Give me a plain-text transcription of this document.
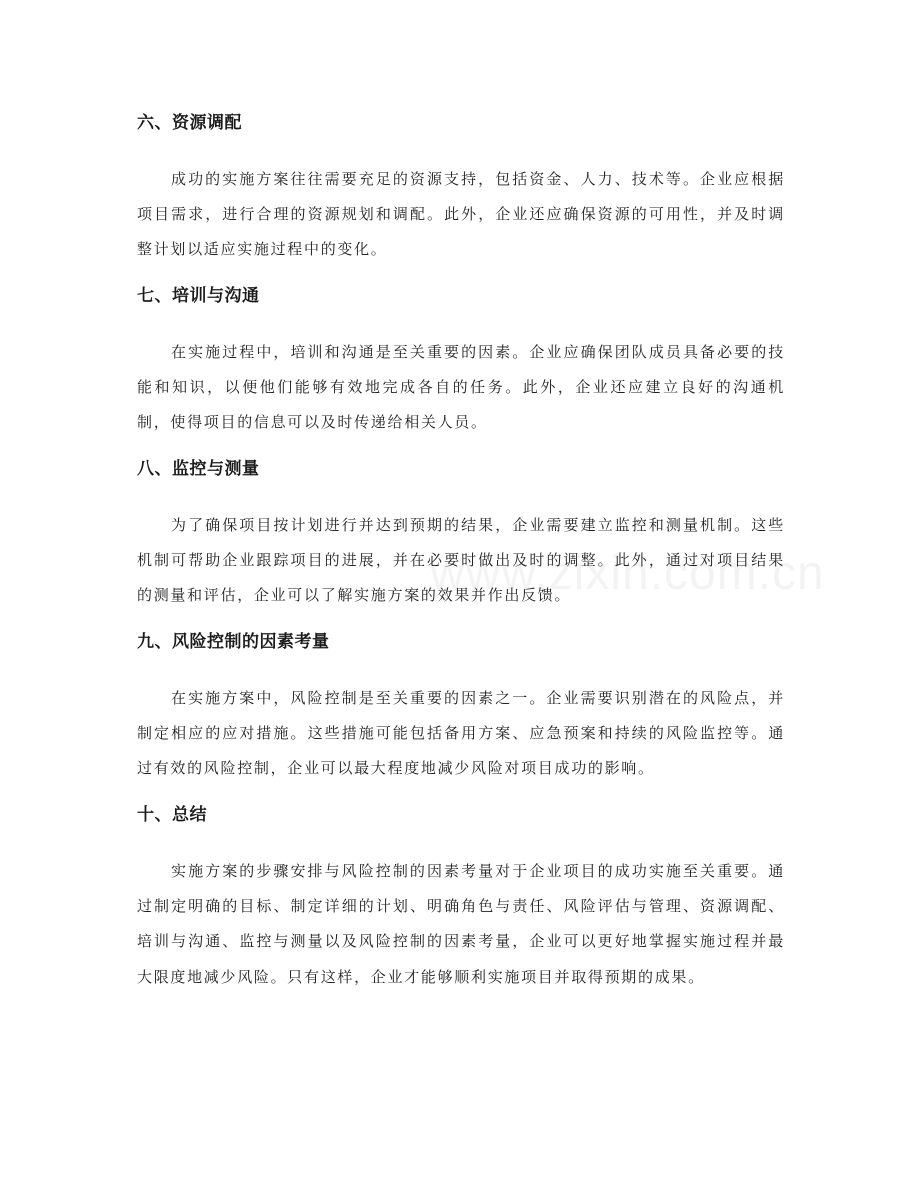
六、资源调配

成功的实施方案往往需要充足的资源支持，包括资金、人力、技术等。企业应根据项目需求，进行合理的资源规划和调配。此外，企业还应确保资源的可用性，并及时调整计划以适应实施过程中的变化。

七、培训与沟通

在实施过程中，培训和沟通是至关重要的因素。企业应确保团队成员具备必要的技能和知识，以便他们能够有效地完成各自的任务。此外，企业还应建立良好的沟通机制，使得项目的信息可以及时传递给相关人员。

八、监控与测量

为了确保项目按计划进行并达到预期的结果，企业需要建立监控和测量机制。这些机制可帮助企业跟踪项目的进展，并在必要时做出及时的调整。此外，通过对项目结果的测量和评估，企业可以了解实施方案的效果并作出反馈。

九、风险控制的因素考量

在实施方案中，风险控制是至关重要的因素之一。企业需要识别潜在的风险点，并制定相应的应对措施。这些措施可能包括备用方案、应急预案和持续的风险监控等。通过有效的风险控制，企业可以最大程度地减少风险对项目成功的影响。

十、总结

实施方案的步骤安排与风险控制的因素考量对于企业项目的成功实施至关重要。通过制定明确的目标、制定详细的计划、明确角色与责任、风险评估与管理、资源调配、培训与沟通、监控与测量以及风险控制的因素考量，企业可以更好地掌握实施过程并最大限度地减少风险。只有这样，企业才能够顺利实施项目并取得预期的成果。
